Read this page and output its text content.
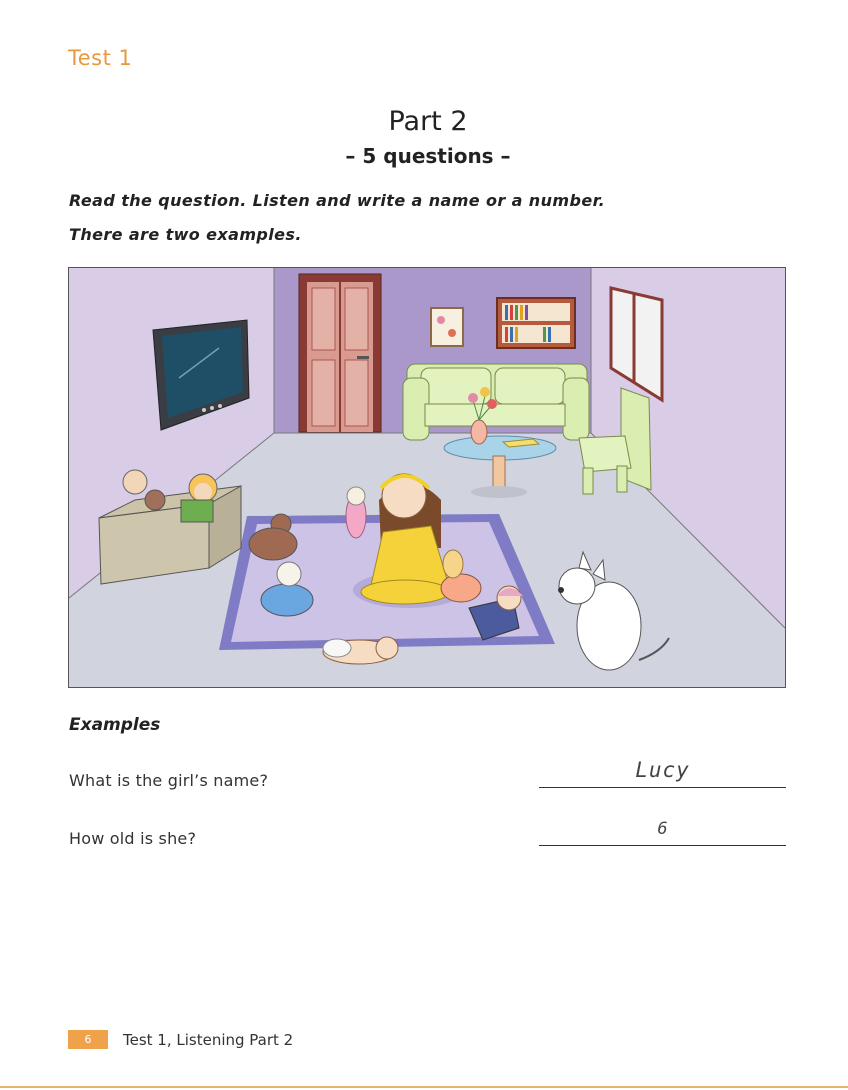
Test 1
Part 2
– 5 questions –
Read the question. Listen and write a name or a number.
There are two examples.
Examples
What is the girl’s name?	Lucy
How old is she?	6
6	Test 1, Listening Part 2
